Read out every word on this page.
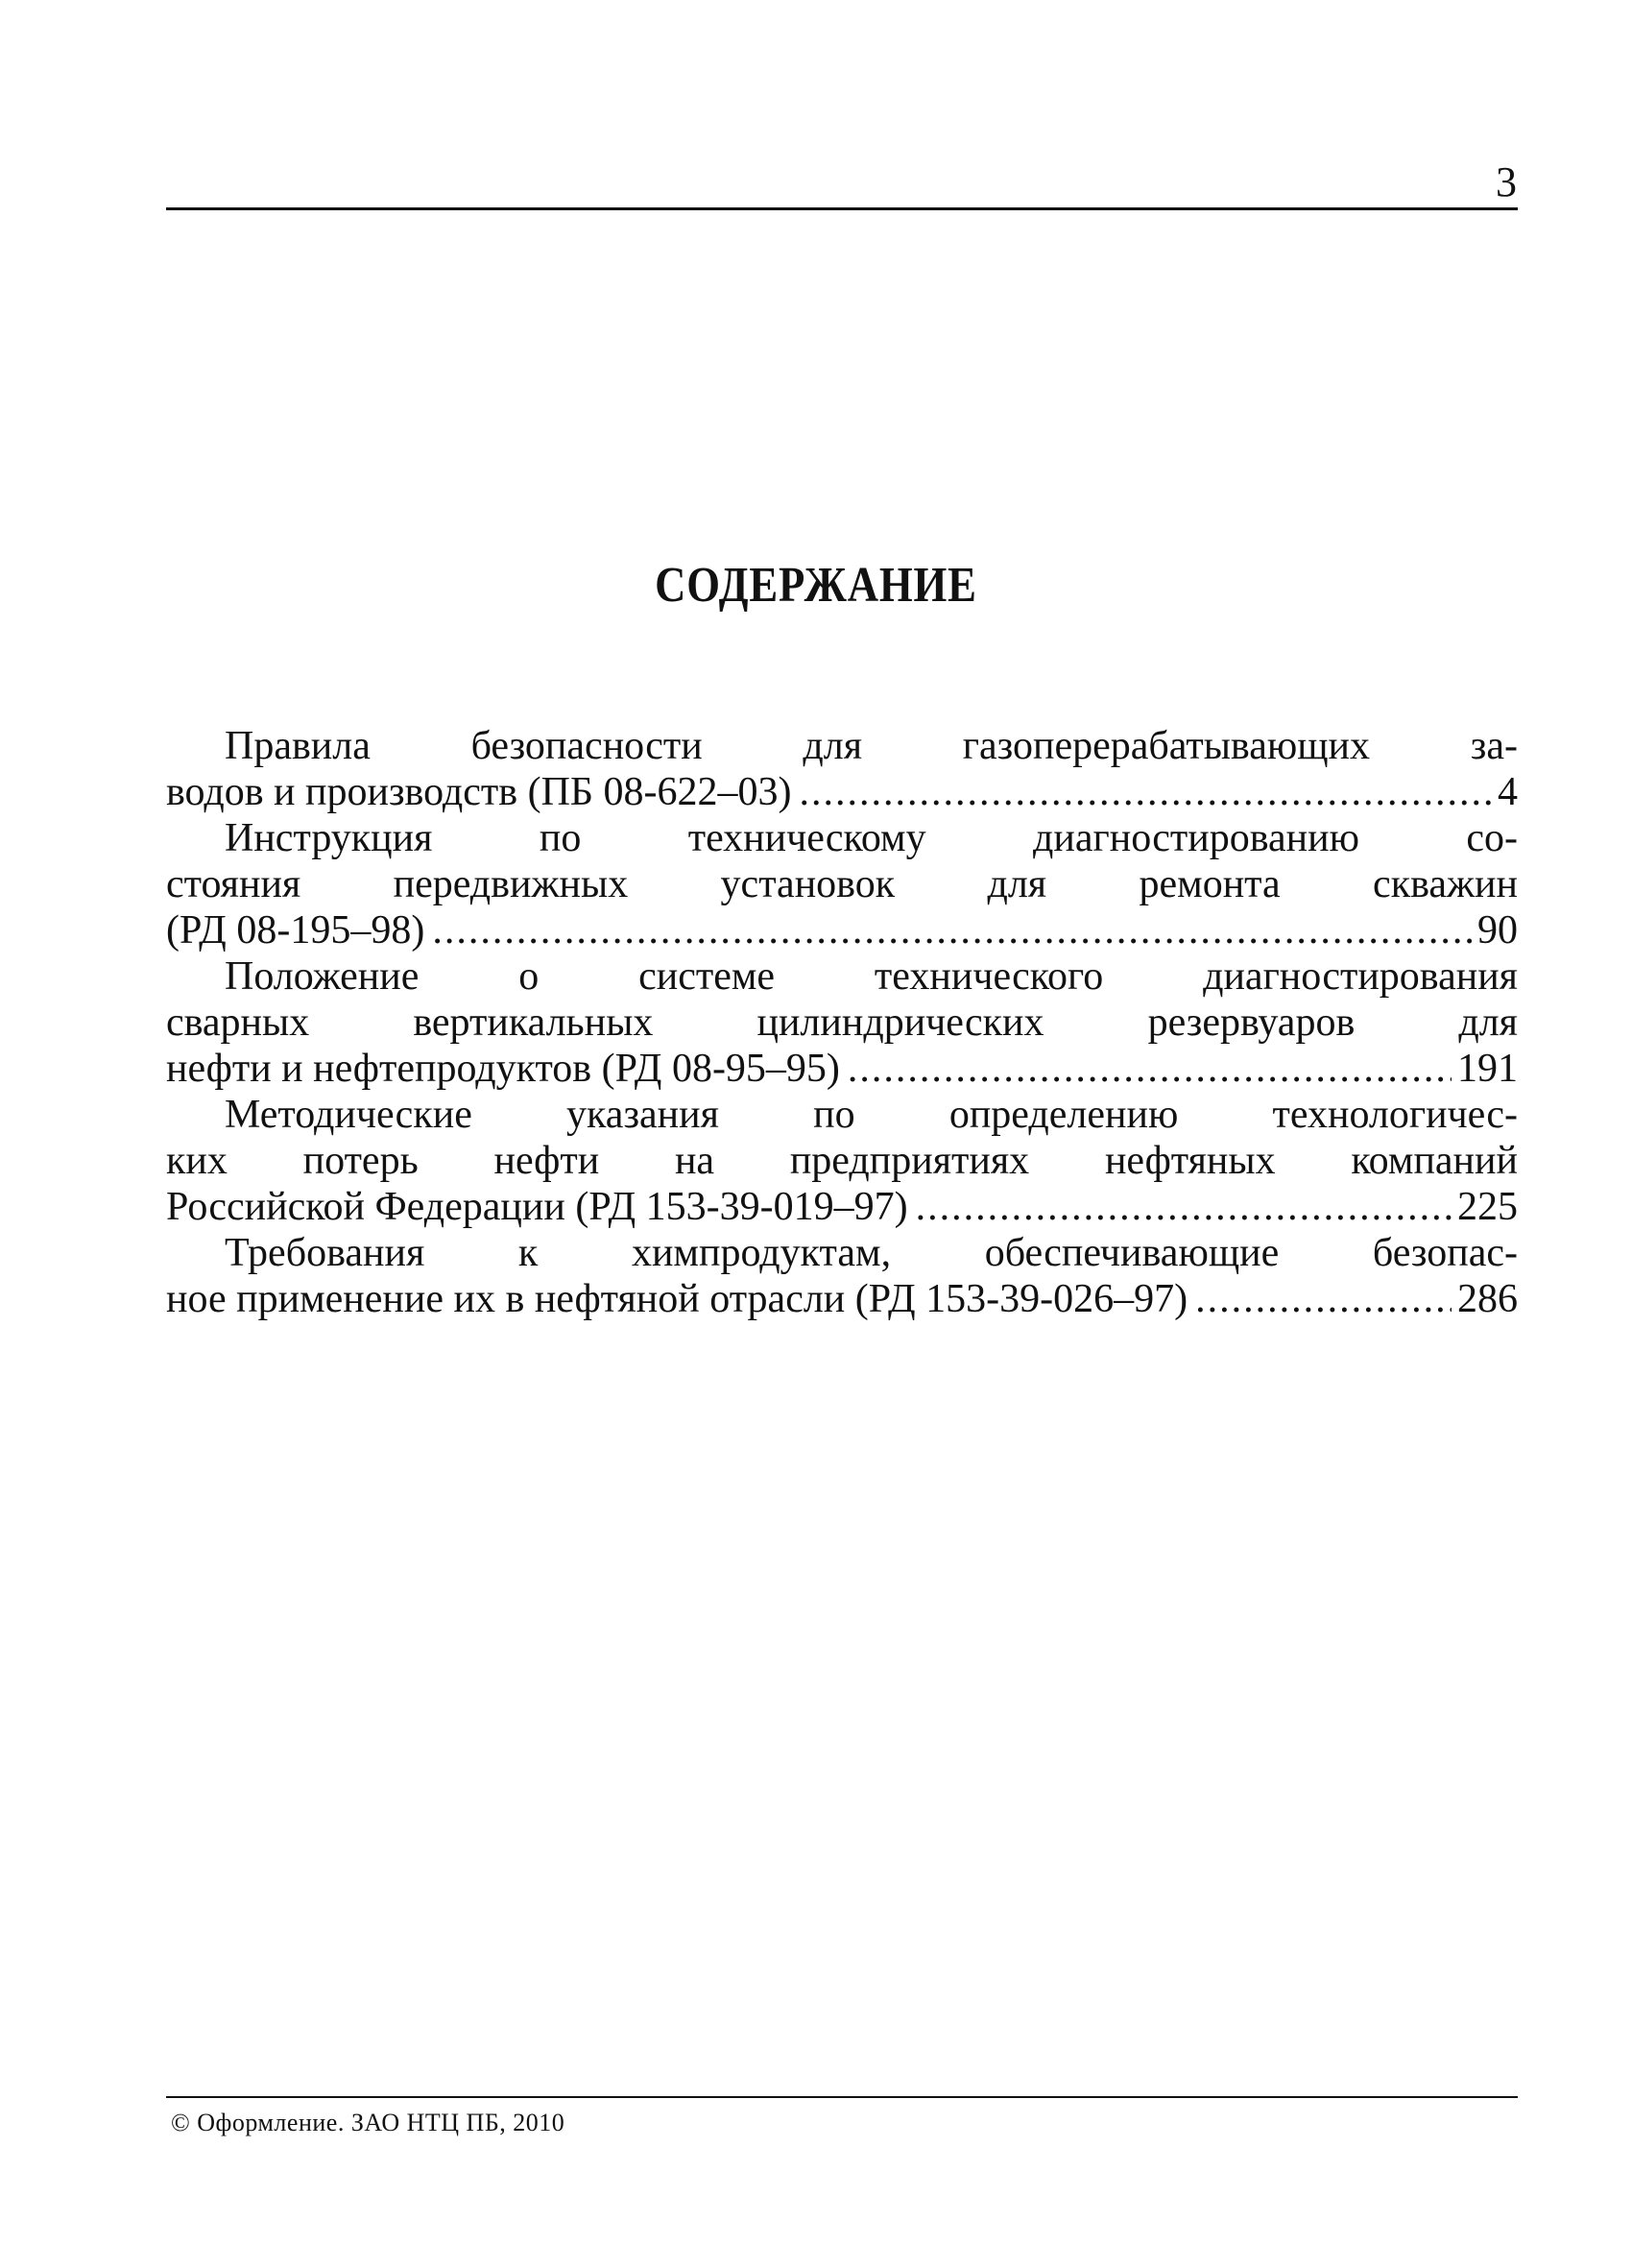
3
СОДЕРЖАНИЕ
Правила безопасности для газоперерабатывающих за-
водов и производств (ПБ 08-622–03) .....	4
Инструкция по техническому диагностированию со-
стояния передвижных установок для ремонта скважин
(РД 08-195–98) .....	90
Положение о системе технического диагностирования
сварных вертикальных цилиндрических резервуаров для
нефти и нефтепродуктов (РД 08-95–95) .....	191
Методические указания по определению технологичес-
ких потерь нефти на предприятиях нефтяных компаний
Российской Федерации (РД 153-39-019–97) .....	225
Требования к химпродуктам, обеспечивающие безопас-
ное применение их в нефтяной отрасли (РД 153-39-026–97) .....	286
© Оформление. ЗАО НТЦ ПБ, 2010
